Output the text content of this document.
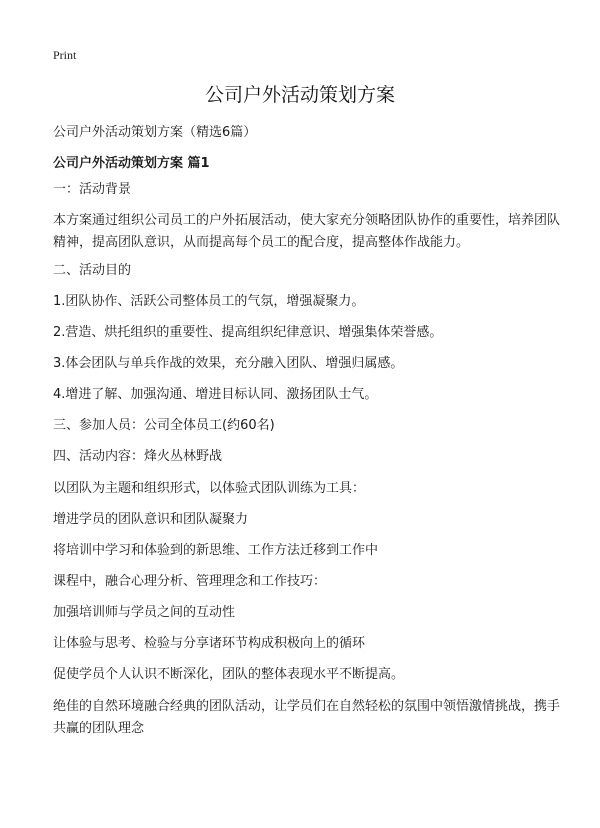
Print
公司户外活动策划方案
公司户外活动策划方案（精选6篇）
公司户外活动策划方案 篇1

一：活动背景

本方案通过组织公司员工的户外拓展活动，使大家充分领略团队协作的重要性，培养团队精神，提高团队意识，从而提高每个员工的配合度，提高整体作战能力。

二、活动目的

1.团队协作、活跃公司整体员工的气氛，增强凝聚力。

2.营造、烘托组织的重要性、提高组织纪律意识、增强集体荣誉感。

3.体会团队与单兵作战的效果，充分融入团队、增强归属感。

4.增进了解、加强沟通、增进目标认同、激扬团队士气。

三、参加人员：公司全体员工(约60名)

四、活动内容：烽火丛林野战

以团队为主题和组织形式，以体验式团队训练为工具：

增进学员的团队意识和团队凝聚力

将培训中学习和体验到的新思维、工作方法迁移到工作中

课程中，融合心理分析、管理理念和工作技巧：

加强培训师与学员之间的互动性

让体验与思考、检验与分享诸环节构成积极向上的循环

促使学员个人认识不断深化，团队的整体表现水平不断提高。

绝佳的自然环境融合经典的团队活动，让学员们在自然轻松的氛围中领悟激情挑战，携手共赢的团队理念
